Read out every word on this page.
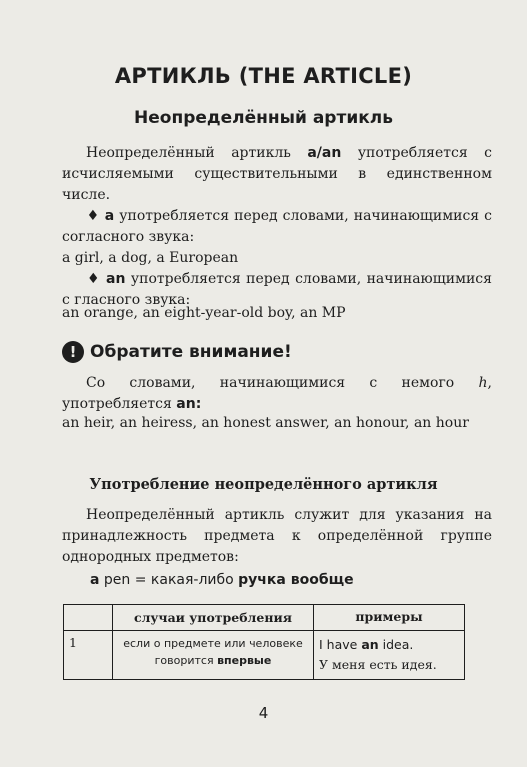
АРТИКЛЬ (THE ARTICLE)
Неопределённый артикль
Неопределённый артикль a/an употребляется с исчисляемыми существительными в единственном числе.
♦ a употребляется перед словами, начинающимися с согласного звука:
a girl, a dog, a European
♦ an употребляется перед словами, начинающимися с гласного звука:
an orange, an eight-year-old boy, an MP
! Обратите внимание!
Со словами, начинающимися с немого h, употребляется an:
an heir, an heiress, an honest answer, an honour, an hour
Употребление неопределённого артикля
Неопределённый артикль служит для указания на принадлежность предмета к определённой группе однородных предметов:
a pen = какая-либо ручка вообще
	случаи употребления	примеры
1	если о предмете или человеке говорится впервые	I have an idea.
У меня есть идея.
4
